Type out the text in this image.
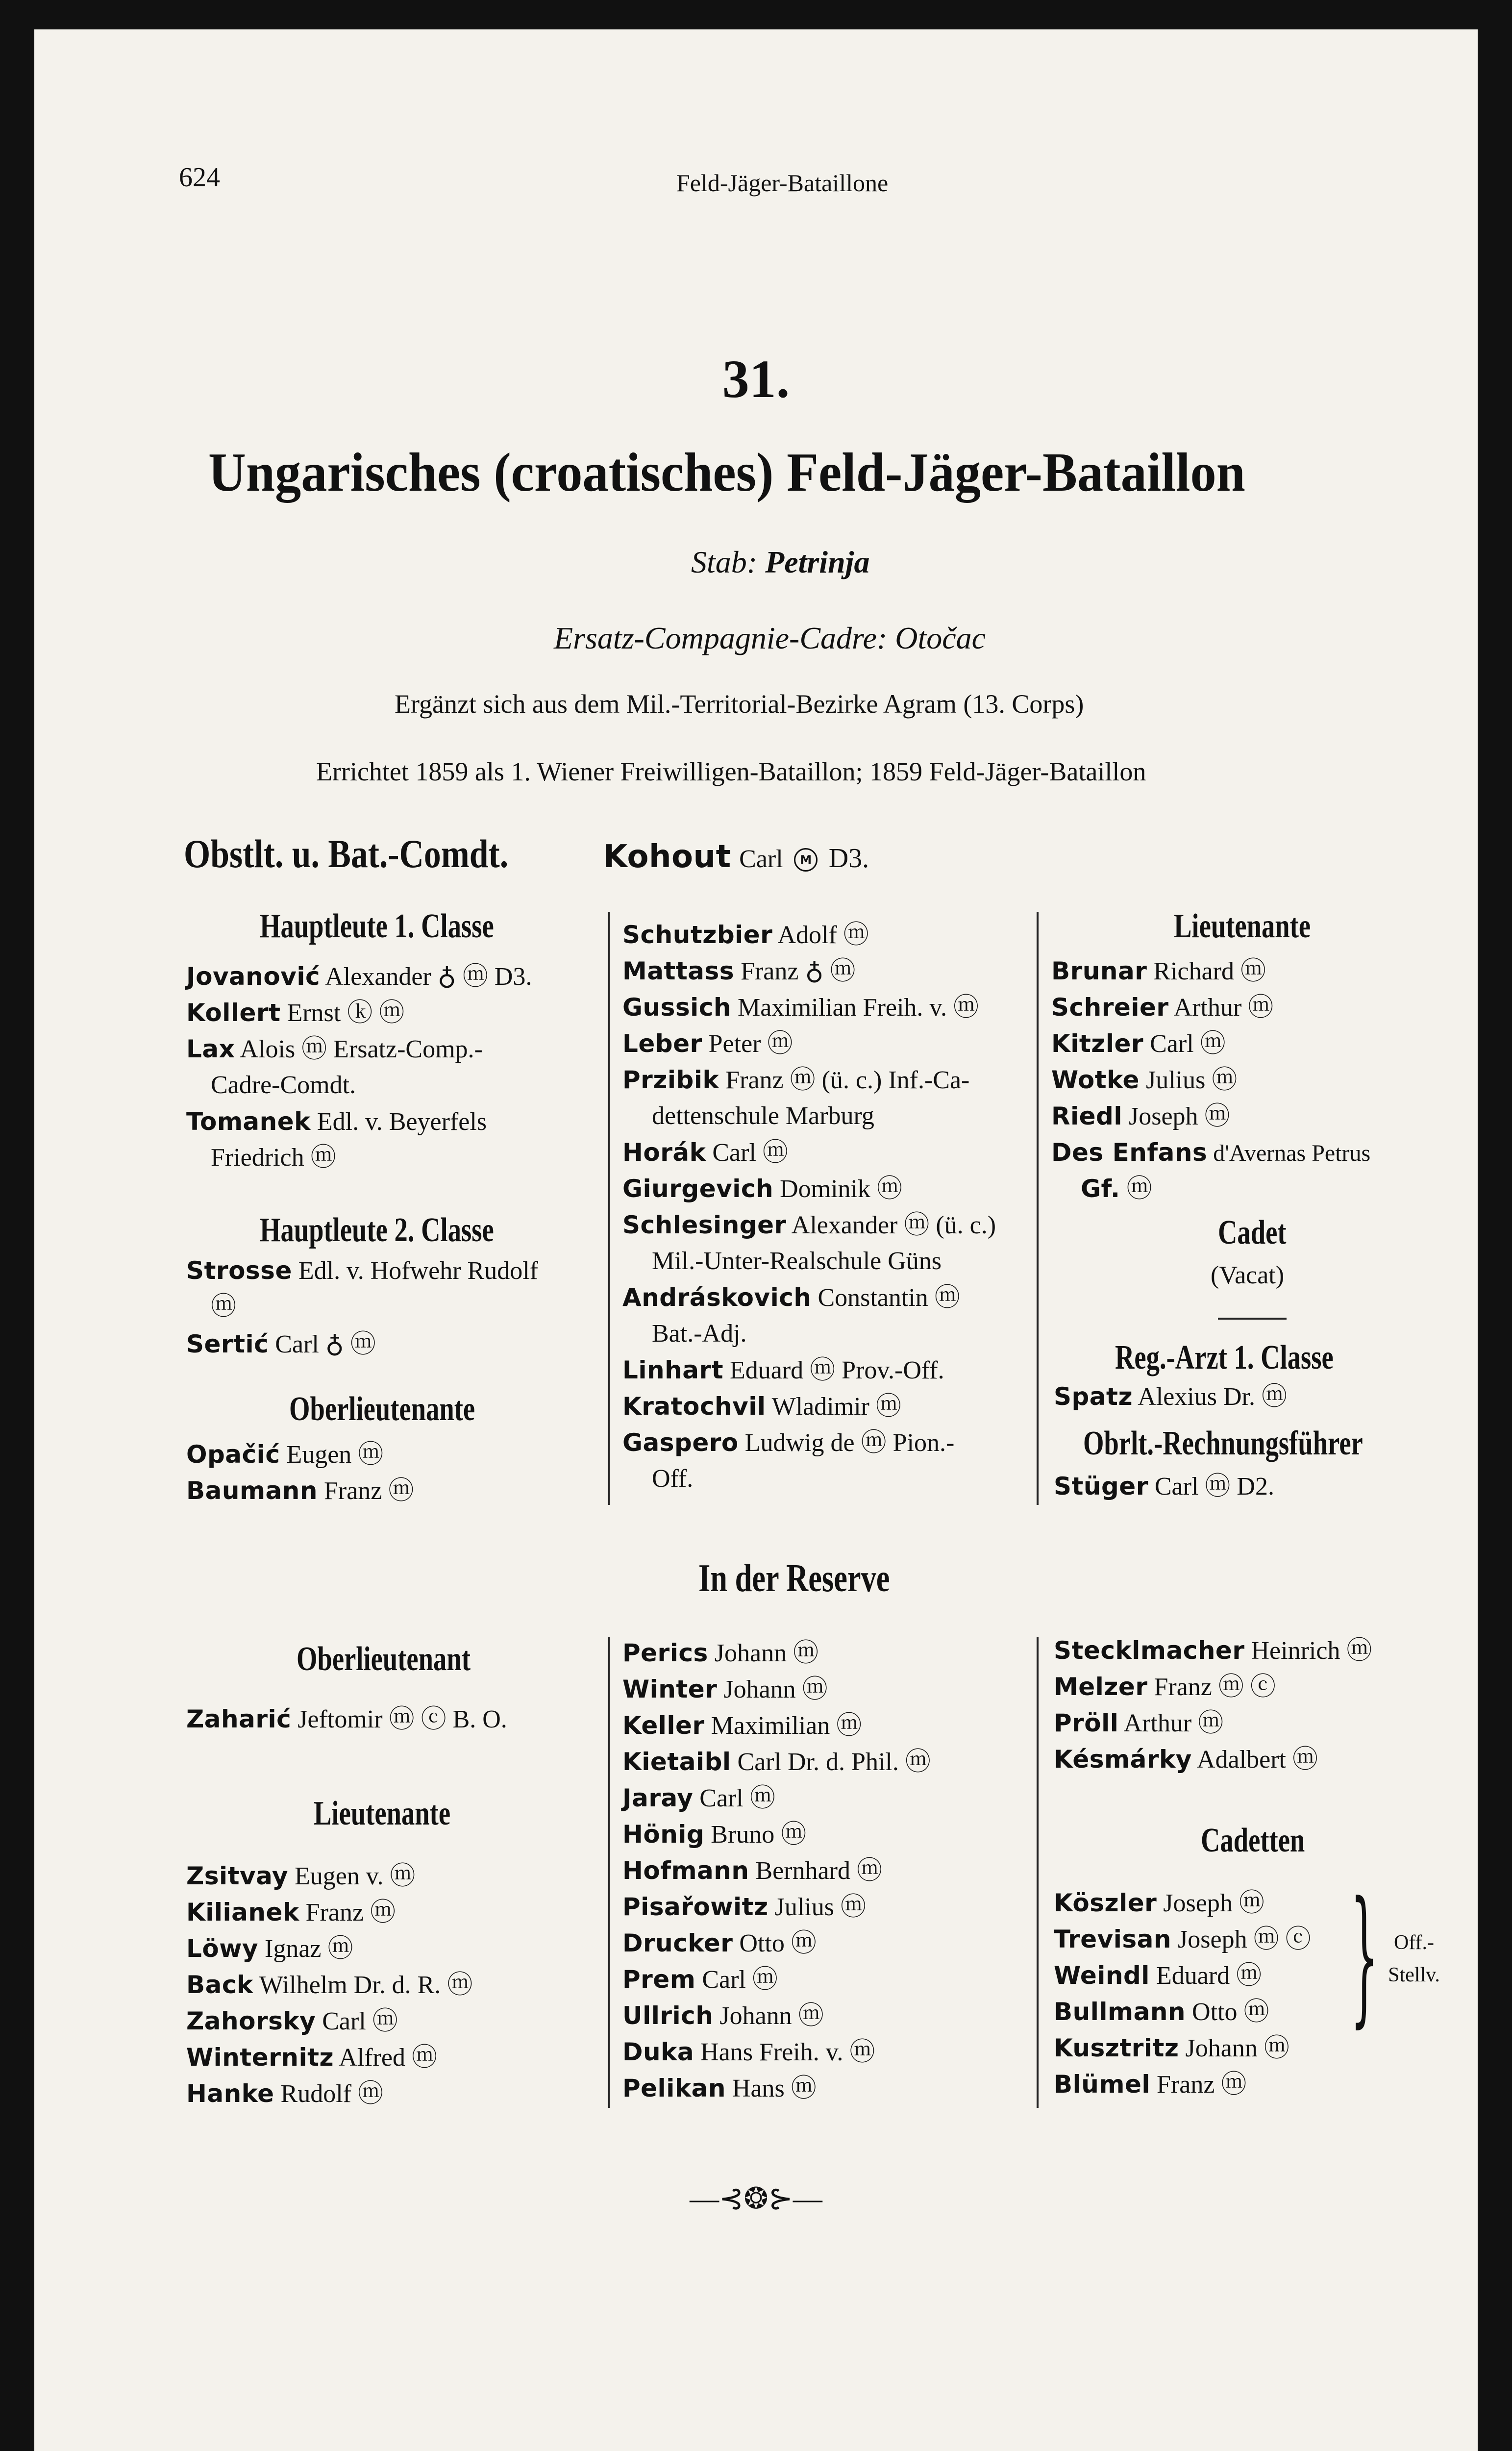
624	Feld-Jäger-Bataillone
31.
Ungarisches (croatisches) Feld-Jäger-Bataillon
Stab: Petrinja
Ersatz-Compagnie-Cadre: Otočac
Ergänzt sich aus dem Mil.-Territorial-Bezirke Agram (13. Corps)
Errichtet 1859 als 1. Wiener Freiwilligen-Bataillon; 1859 Feld-Jäger-Bataillon
Obstlt. u. Bat.-Comdt.	Kohout Carl M D3.
Hauptleute 1. Classe
Jovanović Alexander ♁ ⓜ D3.
Kollert Ernst ⓚ ⓜ
Lax Alois ⓜ Ersatz-Comp.-
Cadre-Comdt.
Tomanek Edl. v. Beyerfels
Friedrich ⓜ
Hauptleute 2. Classe
Strosse Edl. v. Hofwehr Rudolf
ⓜ
Sertić Carl ♁ ⓜ
Oberlieutenante
Opačić Eugen ⓜ
Baumann Franz ⓜ
Schutzbier Adolf ⓜ
Mattass Franz ♁ ⓜ
Gussich Maximilian Freih. v. ⓜ
Leber Peter ⓜ
Przibik Franz ⓜ (ü. c.) Inf.-Ca-
dettenschule Marburg
Horák Carl ⓜ
Giurgevich Dominik ⓜ
Schlesinger Alexander ⓜ (ü. c.)
Mil.-Unter-Realschule Güns
Andráskovich Constantin ⓜ
Bat.-Adj.
Linhart Eduard ⓜ Prov.-Off.
Kratochvil Wladimir ⓜ
Gaspero Ludwig de ⓜ Pion.-
Off.
Lieutenante
Brunar Richard ⓜ
Schreier Arthur ⓜ
Kitzler Carl ⓜ
Wotke Julius ⓜ
Riedl Joseph ⓜ
Des Enfans d'Avernas Petrus
Gf. ⓜ
Cadet
(Vacat)
Reg.-Arzt 1. Classe
Spatz Alexius Dr. ⓜ
Obrlt.-Rechnungsführer
Stüger Carl ⓜ D2.
In der Reserve
Oberlieutenant
Zaharić Jeftomir ⓜ ⓒ B. O.
Lieutenante
Zsitvay Eugen v. ⓜ
Kilianek Franz ⓜ
Löwy Ignaz ⓜ
Back Wilhelm Dr. d. R. ⓜ
Zahorsky Carl ⓜ
Winternitz Alfred ⓜ
Hanke Rudolf ⓜ
Perics Johann ⓜ
Winter Johann ⓜ
Keller Maximilian ⓜ
Kietaibl Carl Dr. d. Phil. ⓜ
Jaray Carl ⓜ
Hönig Bruno ⓜ
Hofmann Bernhard ⓜ
Pisařowitz Julius ⓜ
Drucker Otto ⓜ
Prem Carl ⓜ
Ullrich Johann ⓜ
Duka Hans Freih. v. ⓜ
Pelikan Hans ⓜ
Stecklmacher Heinrich ⓜ
Melzer Franz ⓜ ⓒ
Pröll Arthur ⓜ
Késmárky Adalbert ⓜ
Cadetten
Köszler Joseph ⓜ
Trevisan Joseph ⓜ ⓒ
Weindl Eduard ⓜ
Bullmann Otto ⓜ
Kusztritz Johann ⓜ
Blümel Franz ⓜ
} Off.-Stellv.
—⊰❂⊱—
